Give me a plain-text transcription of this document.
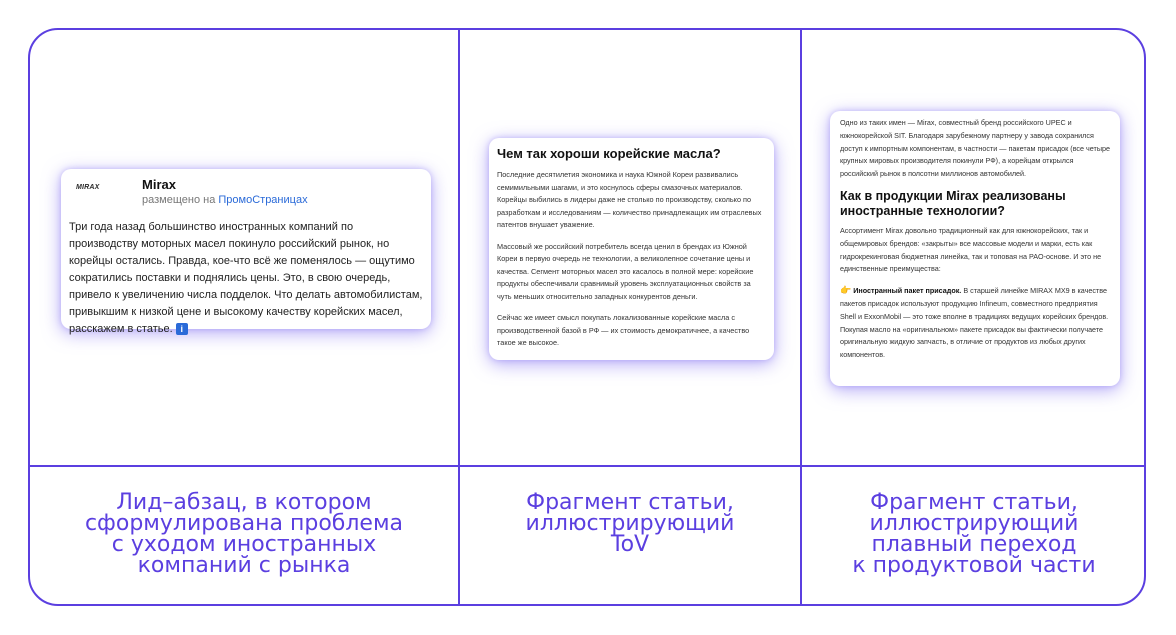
MIRAX	Mirax
размещено на ПромоСтраницах
Три года назад большинство иностранных компаний по производству моторных масел покинуло российский рынок, но корейцы остались. Правда, кое-что всё же поменялось — ощутимо сократились поставки и поднялись цены. Это, в свою очередь, привело к увеличению числа подделок. Что делать автомобилистам, привыкшим к низкой цене и высокому качеству корейских масел, расскажем в статье. i
Чем так хороши корейские масла?

Последние десятилетия экономика и наука Южной Кореи развивались семимильными шагами, и это коснулось сферы смазочных материалов. Корейцы выбились в лидеры даже не столько по производству, сколько по разработкам и исследованиям — количество принадлежащих им отраслевых патентов внушает уважение.

Массовый же российский потребитель всегда ценил в брендах из Южной Кореи в первую очередь не технологии, а великолепное сочетание цены и качества. Сегмент моторных масел это касалось в полной мере: корейские продукты обеспечивали сравнимый уровень эксплуатационных свойств за чуть меньших относительно западных конкурентов деньги.

Сейчас же имеет смысл покупать локализованные корейские масла с производственной базой в РФ — их стоимость демократичнее, а качество такое же высокое.

Одно из таких имен — Mirax, совместный бренд российского UPEC и южнокорейской SIT. Благодаря зарубежному партнеру у завода сохранился доступ к импортным компонентам, в частности — пакетам присадок (все четыре крупных мировых производителя покинули РФ), а корейцам открылся российский рынок в полсотни миллионов автомобилей.

Как в продукции Mirax реализованы иностранные технологии?

Ассортимент Mirax довольно традиционный как для южнокорейских, так и общемировых брендов: «закрыты» все массовые модели и марки, есть как гидрокрекинговая бюджетная линейка, так и топовая на PAO-основе. И это не единственные преимущества:

👉 Иностранный пакет присадок. В старшей линейке MIRAX MX9 в качестве пакетов присадок используют продукцию Infineum, совместного предприятия Shell и ExxonMobil — это тоже вполне в традициях ведущих корейских брендов. Покупая масло на «оригинальном» пакете присадок вы фактически получаете оригинальную жидкую запчасть, в отличие от продуктов из любых других компонентов.

Лид–абзац, в котором
сформулирована проблема
с уходом иностранных
компаний с рынка
Фрагмент статьи,
иллюстрирующий
ToV
Фрагмент статьи,
иллюстрирующий
плавный переход
к продуктовой части
